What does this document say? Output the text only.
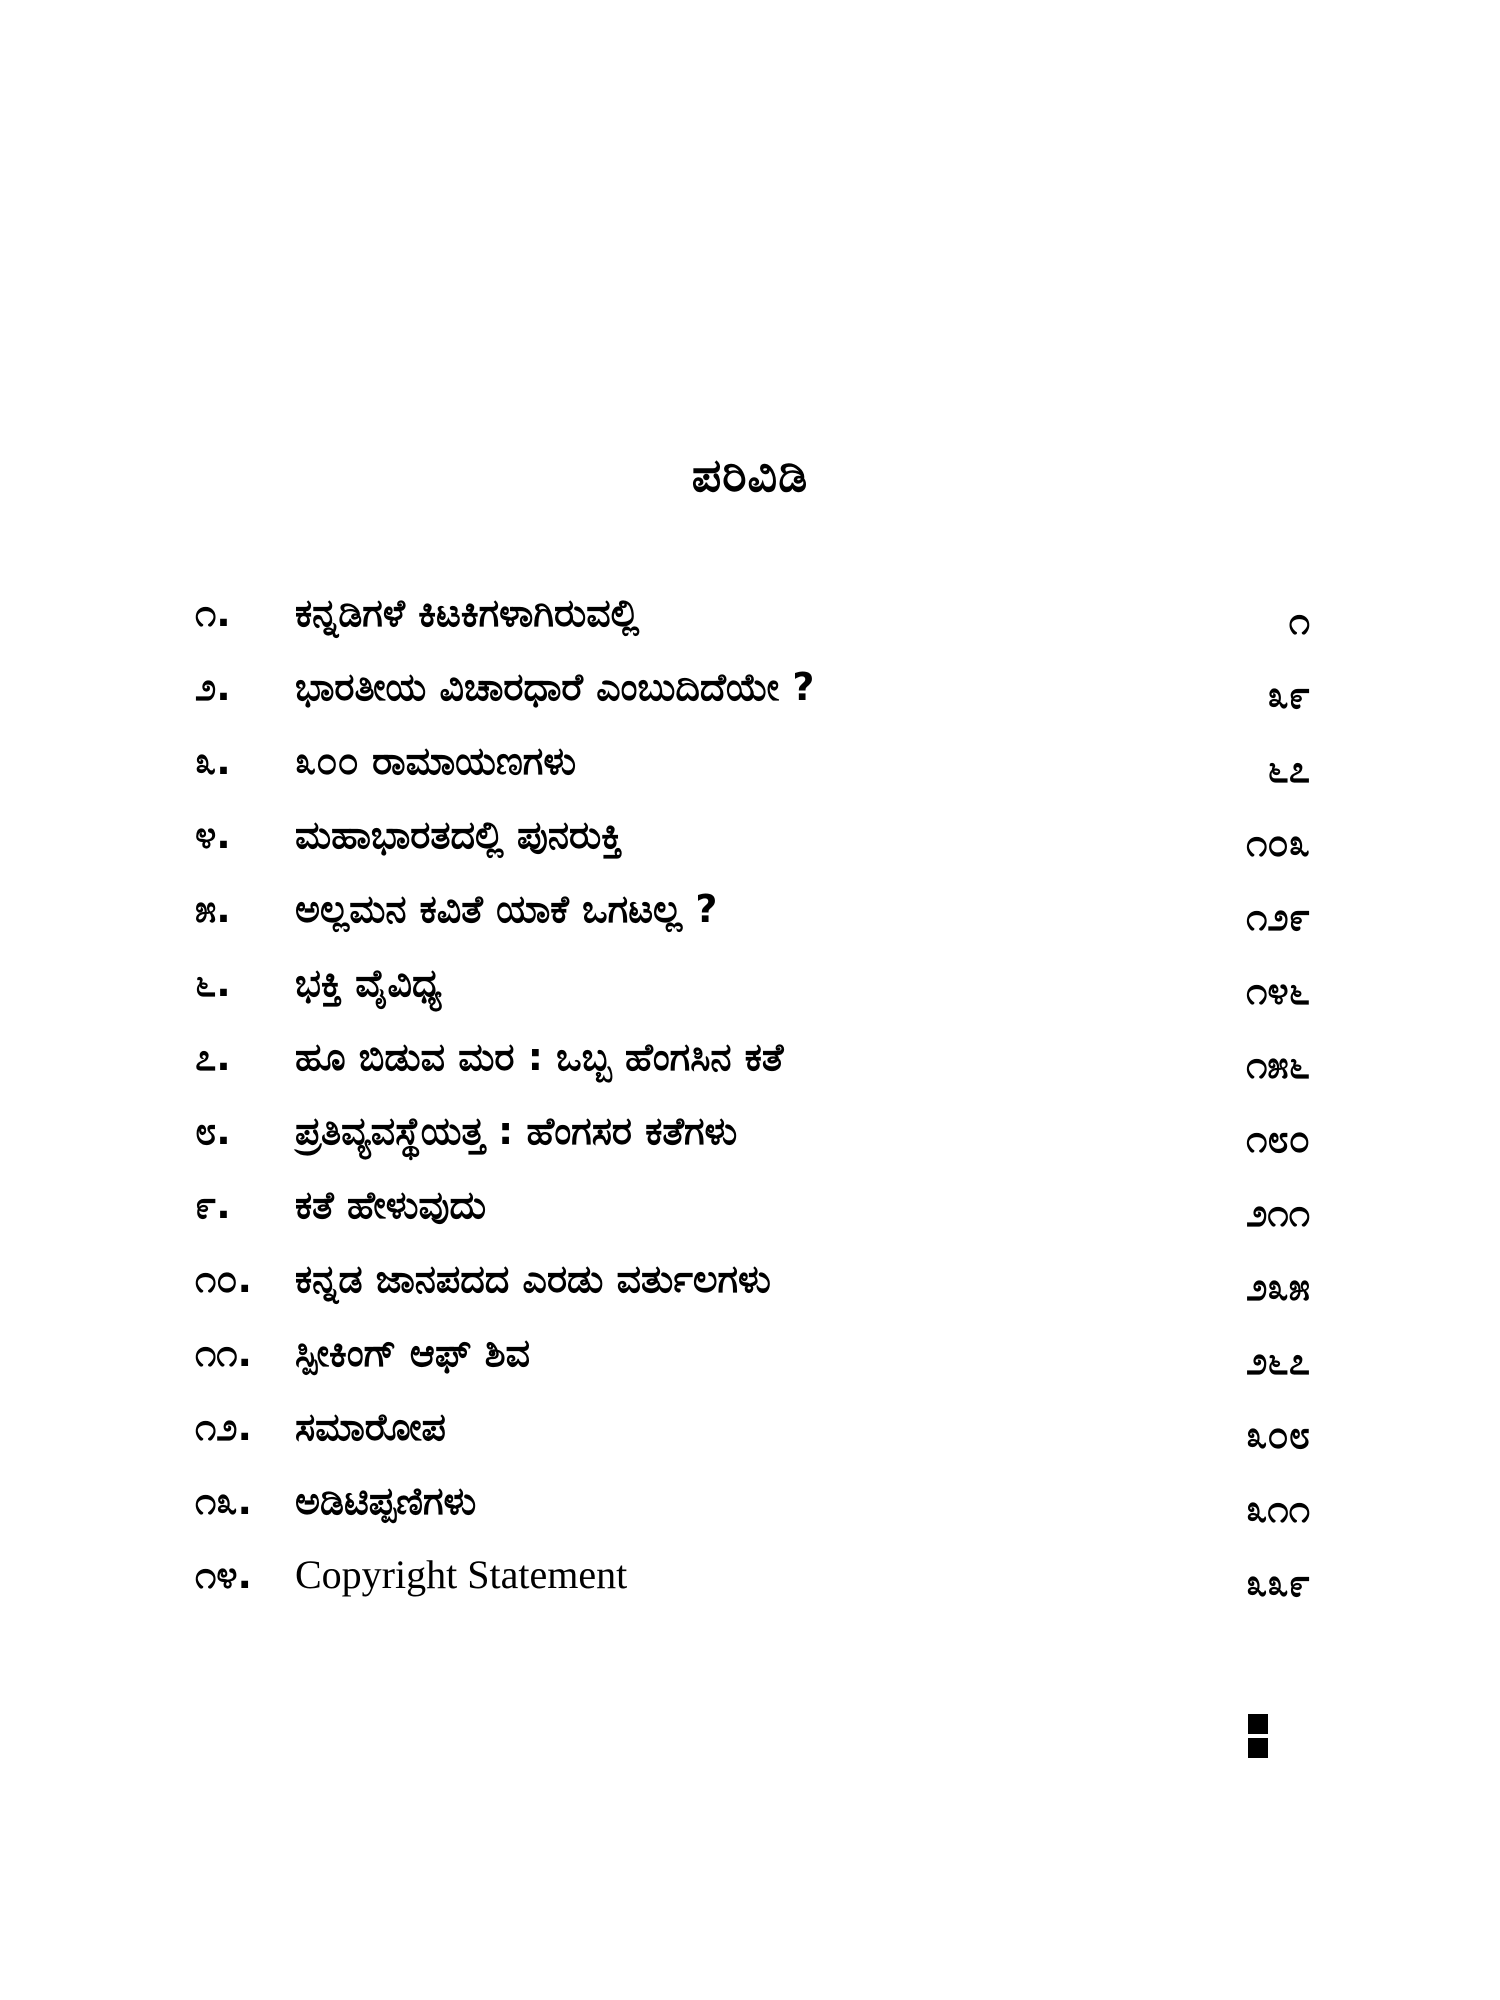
ಪರಿವಿಡಿ
೧.	ಕನ್ನಡಿಗಳೆ ಕಿಟಕಿಗಳಾಗಿರುವಲ್ಲಿ	೧
೨.	ಭಾರತೀಯ ವಿಚಾರಧಾರೆ ಎಂಬುದಿದೆಯೇ ?	೩೯
೩.	೩೦೦ ರಾಮಾಯಣಗಳು	೬೭
೪.	ಮಹಾಭಾರತದಲ್ಲಿ ಪುನರುಕ್ತಿ	೧೦೩
೫.	ಅಲ್ಲಮನ ಕವಿತೆ ಯಾಕೆ ಒಗಟಲ್ಲ ?	೧೨೯
೬.	ಭಕ್ತಿ ವೈವಿಧ್ಯ	೧೪೬
೭.	ಹೂ ಬಿಡುವ ಮರ : ಒಬ್ಬ ಹೆಂಗಸಿನ ಕತೆ	೧೫೬
೮.	ಪ್ರತಿವ್ಯವಸ್ಥೆಯತ್ತ : ಹೆಂಗಸರ ಕತೆಗಳು	೧೮೦
೯.	ಕತೆ ಹೇಳುವುದು	೨೧೧
೧೦.	ಕನ್ನಡ ಜಾನಪದದ ಎರಡು ವರ್ತುಲಗಳು	೨೩೫
೧೧.	ಸ್ಪೀಕಿಂಗ್ ಆಫ್ ಶಿವ	೨೬೭
೧೨.	ಸಮಾರೋಪ	೩೦೮
೧೩.	ಅಡಿಟಿಪ್ಪಣಿಗಳು	೩೧೧
೧೪.	Copyright Statement	೩೩೯
